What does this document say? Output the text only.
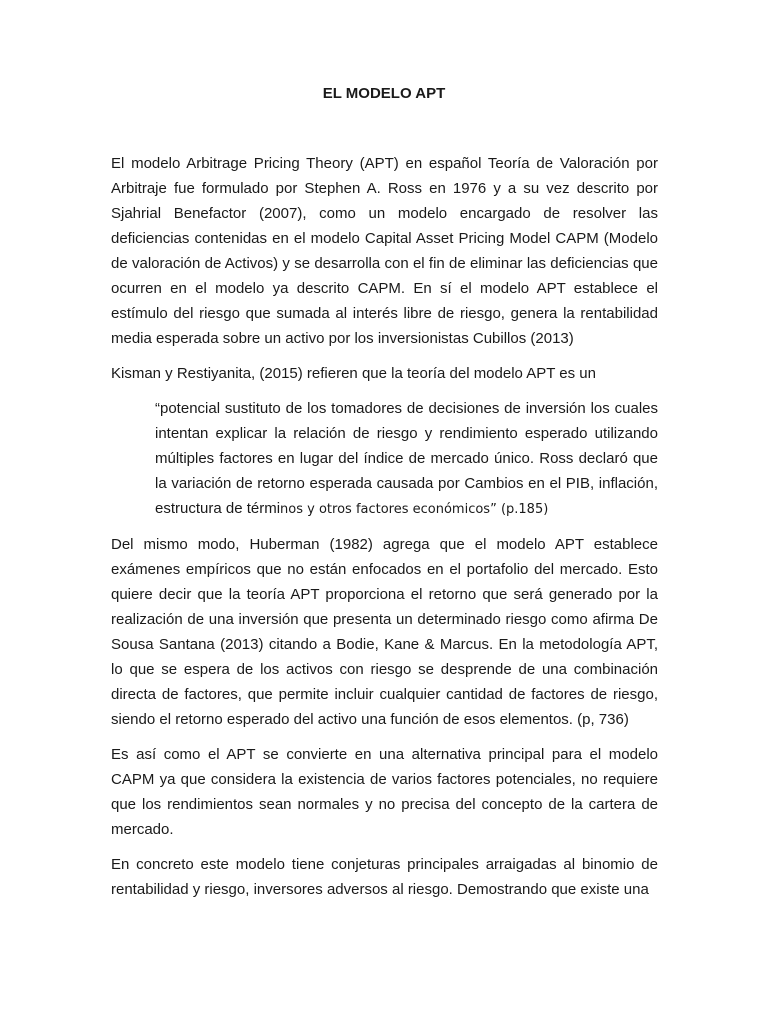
EL MODELO APT

El modelo Arbitrage Pricing Theory (APT) en español Teoría de Valoración por Arbitraje fue formulado por Stephen A. Ross en 1976 y a su vez descrito por Sjahrial Benefactor (2007), como un modelo encargado de resolver las deficiencias contenidas en el modelo Capital Asset Pricing Model CAPM (Modelo de valoración de Activos) y se desarrolla con el fin de eliminar las deficiencias que ocurren en el modelo ya descrito CAPM. En sí el modelo APT establece el estímulo del riesgo que sumada al interés libre de riesgo, genera la rentabilidad media esperada sobre un activo por los inversionistas Cubillos (2013)

Kisman y Restiyanita, (2015) refieren que la teoría del modelo APT es un

“potencial sustituto de los tomadores de decisiones de inversión los cuales intentan explicar la relación de riesgo y rendimiento esperado utilizando múltiples factores en lugar del índice de mercado único. Ross declaró que la variación de retorno esperada causada por Cambios en el PIB, inflación, estructura de términos y otros factores económicos” (p.185)

Del mismo modo, Huberman (1982) agrega que el modelo APT establece exámenes empíricos que no están enfocados en el portafolio del mercado. Esto quiere decir que la teoría APT proporciona el retorno que será generado por la realización de una inversión que presenta un determinado riesgo como afirma De Sousa Santana (2013) citando a Bodie, Kane & Marcus. En la metodología APT, lo que se espera de los activos con riesgo se desprende de una combinación directa de factores, que permite incluir cualquier cantidad de factores de riesgo, siendo el retorno esperado del activo una función de esos elementos. (p, 736)

Es así como el APT se convierte en una alternativa principal para el modelo CAPM ya que considera la existencia de varios factores potenciales, no requiere que los rendimientos sean normales y no precisa del concepto de la cartera de mercado.

En concreto este modelo tiene conjeturas principales arraigadas al binomio de rentabilidad y riesgo, inversores adversos al riesgo. Demostrando que existe una
